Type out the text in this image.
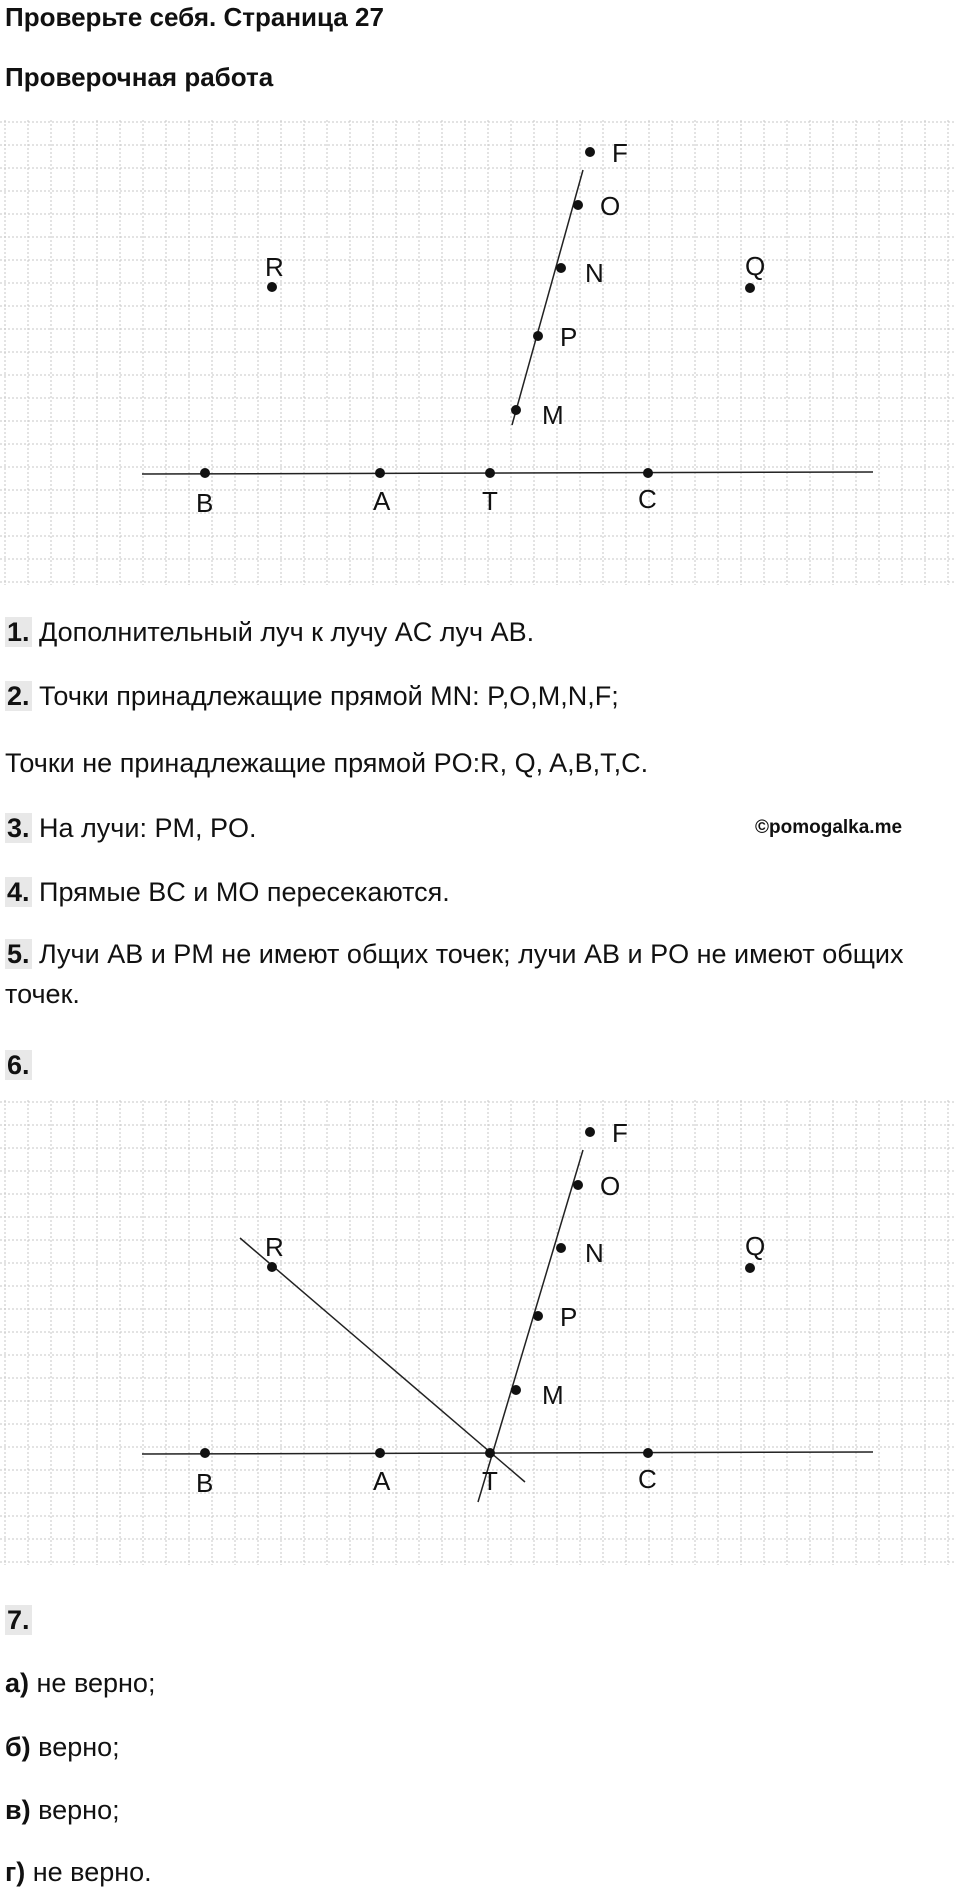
Проверьте себя. Страница 27
Проверочная работа
F
O
N
P
M
R	Q
B	A	T	C
1. Дополнительный луч к лучу AC луч AB.
2. Точки принадлежащие прямой MN: P,O,M,N,F;
Точки не принадлежащие прямой PO:R, Q, A,B,T,C.
3. На лучи: PM, PO.	©pomogalka.me
4. Прямые BC и MO пересекаются.
5. Лучи AB и PM не имеют общих точек; лучи AB и PO не имеют общих точек.
6.
F
O
N
P
M
R	Q
B	A	T	C
7.
а) не верно;
б) верно;
в) верно;
г) не верно.
